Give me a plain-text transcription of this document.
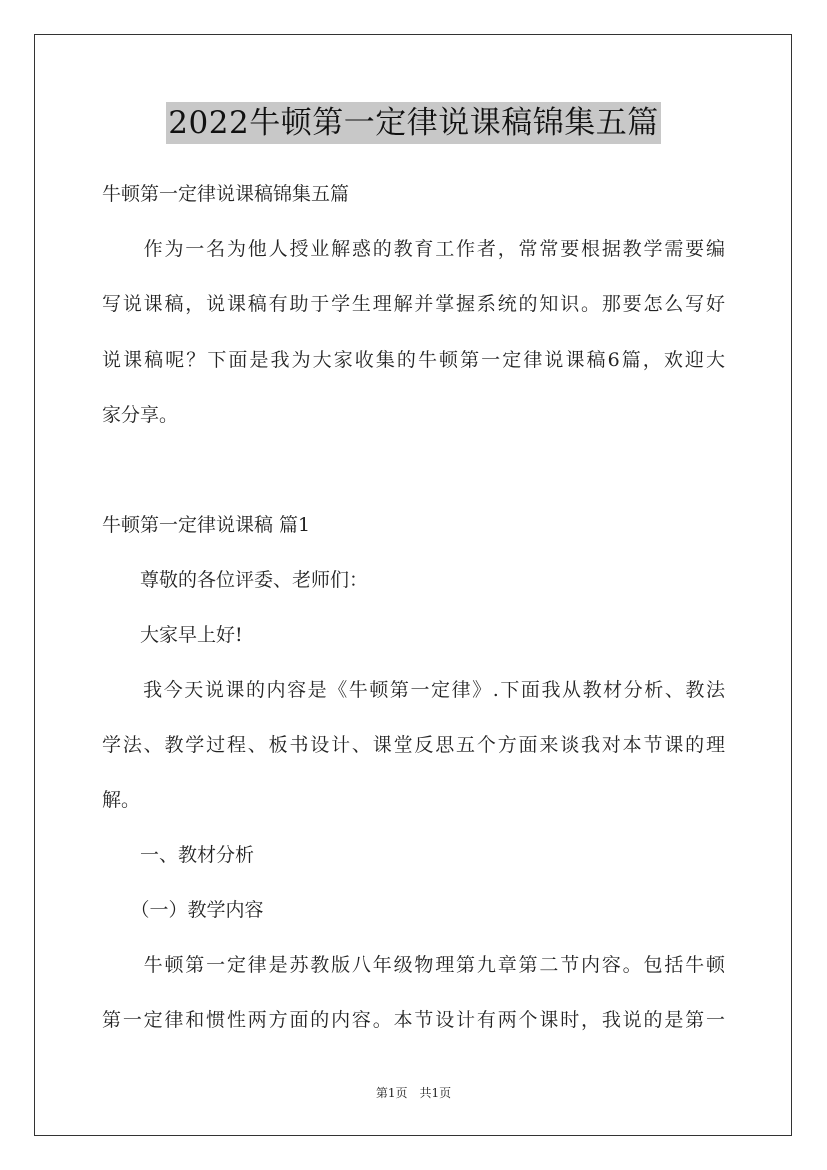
2022牛顿第一定律说课稿锦集五篇
牛顿第一定律说课稿锦集五篇
　　作为一名为他人授业解惑的教育工作者，常常要根据教学需要编
写说课稿，说课稿有助于学生理解并掌握系统的知识。那要怎么写好
说课稿呢？下面是我为大家收集的牛顿第一定律说课稿6篇，欢迎大
家分享。
牛顿第一定律说课稿 篇1
　　尊敬的各位评委、老师们：
　　大家早上好!
　　我今天说课的内容是《牛顿第一定律》.下面我从教材分析、教法
学法、教学过程、板书设计、课堂反思五个方面来谈我对本节课的理
解。
　　一、教材分析
　　（一）教学内容
　　牛顿第一定律是苏教版八年级物理第九章第二节内容。包括牛顿
第一定律和惯性两方面的内容。本节设计有两个课时，我说的是第一
第1页　共1页
